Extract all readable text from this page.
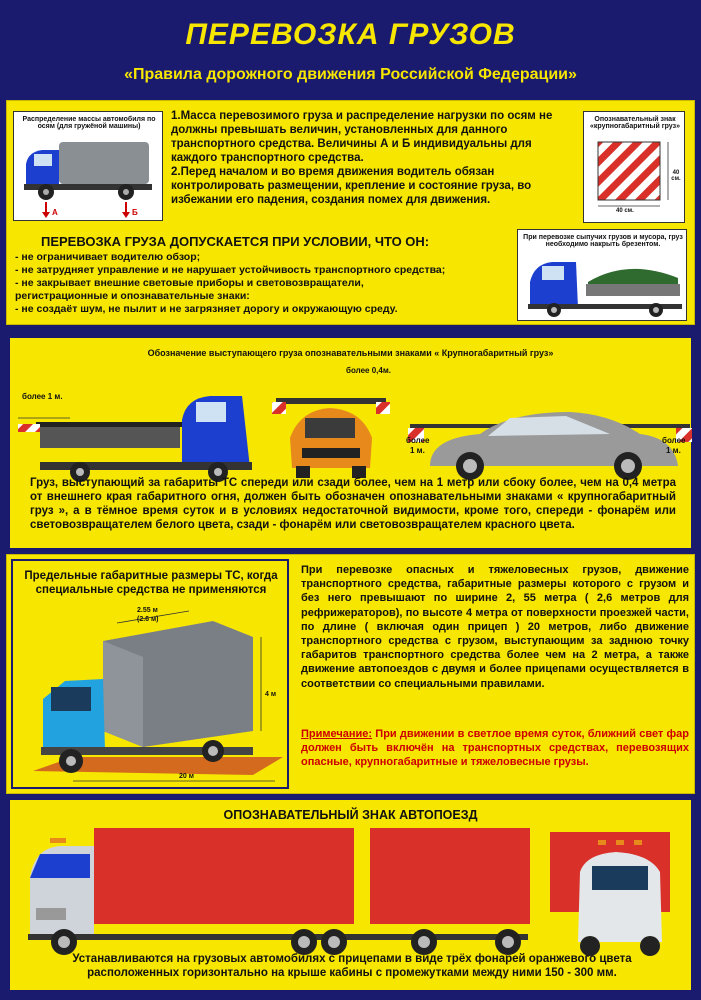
ПЕРЕВОЗКА ГРУЗОВ
«Правила дорожного движения Российской Федерации»
Распределение массы автомобиля по осям (для гружёной машины)
А	Б
1.Масса перевозимого груза и распределение нагрузки по осям не должны превышать величин, установленных для данного транспортного средства. Величины А и Б индивидуальны для каждого транспортного средства.
2.Перед началом и во время движения водитель обязан контролировать размещении, крепление и состояние груза, во избежании его падения, создания помех для движения.
Опознавательный знак «крупногабаритный груз»
40 см.
40 см.
ПЕРЕВОЗКА ГРУЗА ДОПУСКАЕТСЯ ПРИ УСЛОВИИ, ЧТО ОН:
- не ограничивает водителю обзор;
- не затрудняет управление и не нарушает устойчивость транспортного средства;
- не закрывает внешние световые приборы и световозвращатели,
регистрационные и опознавательные знаки:
- не создаёт шум, не пылит и не загрязняет дорогу и окружающую среду.
При перевозке сыпучих грузов и мусора, груз необходимо накрыть брезентом.
Обозначение выступающего груза опознавательными знаками « Крупногабаритный груз»
более 1 м.
более 0,4м.
более
1 м.
более
1 м.
Груз, выступающий за габариты ТС спереди или сзади более, чем на 1 метр или сбоку более, чем на 0,4 метра от внешнего края габаритного огня, должен быть обозначен опознавательными знаками « крупногабаритный груз », а в тёмное время суток и в условиях недостаточной видимости, кроме того, спереди - фонарём или световозвращателем белого цвета, сзади - фонарём или световозвращателем красного цвета.
Предельные габаритные размеры ТС, когда специальные средства не применяются
2.55 м
(2.6 м)
4 м
20 м
При перевозке опасных и тяжеловесных грузов, движение транспортного средства, габаритные размеры которого с грузом и без него превышают по ширине 2, 55 метра ( 2,6 метров для рефрижераторов), по высоте 4 метра от поверхности проезжей части, по длине ( включая один прицеп ) 20 метров, либо движение транспортного средства с грузом, выступающим за заднюю точку габаритов транспортного средства более чем на 2 метра, а также движение автопоездов с двумя и более прицепами осуществляется в соответствии со специальными правилами.
Примечание: При движении в светлое время суток, ближний свет фар должен быть включён на транспортных средствах, перевозящих опасные, крупногабаритные и тяжеловесные грузы.
ОПОЗНАВАТЕЛЬНЫЙ ЗНАК АВТОПОЕЗД
Устанавливаются на грузовых автомобилях с прицепами в виде трёх фонарей оранжевого цвета расположенных горизонтально на крыше кабины с промежутками между ними 150 - 300 мм.
